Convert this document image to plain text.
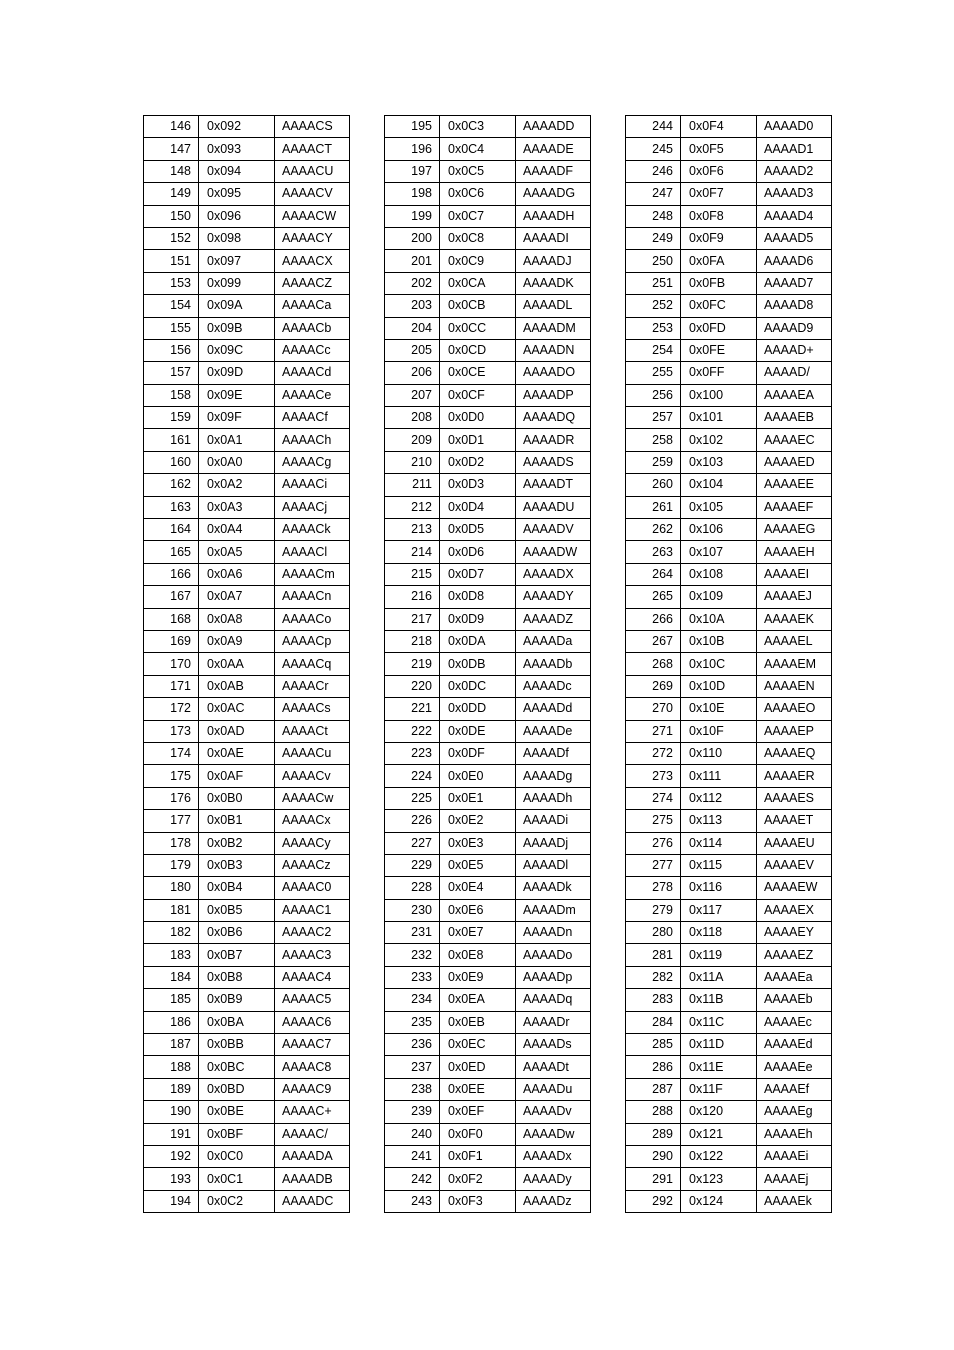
146	0x092	AAAACS
147	0x093	AAAACT
148	0x094	AAAACU
149	0x095	AAAACV
150	0x096	AAAACW
152	0x098	AAAACY
151	0x097	AAAACX
153	0x099	AAAACZ
154	0x09A	AAAACa
155	0x09B	AAAACb
156	0x09C	AAAACc
157	0x09D	AAAACd
158	0x09E	AAAACe
159	0x09F	AAAACf
161	0x0A1	AAAACh
160	0x0A0	AAAACg
162	0x0A2	AAAACi
163	0x0A3	AAAACj
164	0x0A4	AAAACk
165	0x0A5	AAAACl
166	0x0A6	AAAACm
167	0x0A7	AAAACn
168	0x0A8	AAAACo
169	0x0A9	AAAACp
170	0x0AA	AAAACq
171	0x0AB	AAAACr
172	0x0AC	AAAACs
173	0x0AD	AAAACt
174	0x0AE	AAAACu
175	0x0AF	AAAACv
176	0x0B0	AAAACw
177	0x0B1	AAAACx
178	0x0B2	AAAACy
179	0x0B3	AAAACz
180	0x0B4	AAAAC0
181	0x0B5	AAAAC1
182	0x0B6	AAAAC2
183	0x0B7	AAAAC3
184	0x0B8	AAAAC4
185	0x0B9	AAAAC5
186	0x0BA	AAAAC6
187	0x0BB	AAAAC7
188	0x0BC	AAAAC8
189	0x0BD	AAAAC9
190	0x0BE	AAAAC+
191	0x0BF	AAAAC/
192	0x0C0	AAAADA
193	0x0C1	AAAADB
194	0x0C2	AAAADC
195	0x0C3	AAAADD
196	0x0C4	AAAADE
197	0x0C5	AAAADF
198	0x0C6	AAAADG
199	0x0C7	AAAADH
200	0x0C8	AAAADI
201	0x0C9	AAAADJ
202	0x0CA	AAAADK
203	0x0CB	AAAADL
204	0x0CC	AAAADM
205	0x0CD	AAAADN
206	0x0CE	AAAADO
207	0x0CF	AAAADP
208	0x0D0	AAAADQ
209	0x0D1	AAAADR
210	0x0D2	AAAADS
211	0x0D3	AAAADT
212	0x0D4	AAAADU
213	0x0D5	AAAADV
214	0x0D6	AAAADW
215	0x0D7	AAAADX
216	0x0D8	AAAADY
217	0x0D9	AAAADZ
218	0x0DA	AAAADa
219	0x0DB	AAAADb
220	0x0DC	AAAADc
221	0x0DD	AAAADd
222	0x0DE	AAAADe
223	0x0DF	AAAADf
224	0x0E0	AAAADg
225	0x0E1	AAAADh
226	0x0E2	AAAADi
227	0x0E3	AAAADj
229	0x0E5	AAAADl
228	0x0E4	AAAADk
230	0x0E6	AAAADm
231	0x0E7	AAAADn
232	0x0E8	AAAADo
233	0x0E9	AAAADp
234	0x0EA	AAAADq
235	0x0EB	AAAADr
236	0x0EC	AAAADs
237	0x0ED	AAAADt
238	0x0EE	AAAADu
239	0x0EF	AAAADv
240	0x0F0	AAAADw
241	0x0F1	AAAADx
242	0x0F2	AAAADy
243	0x0F3	AAAADz
244	0x0F4	AAAAD0
245	0x0F5	AAAAD1
246	0x0F6	AAAAD2
247	0x0F7	AAAAD3
248	0x0F8	AAAAD4
249	0x0F9	AAAAD5
250	0x0FA	AAAAD6
251	0x0FB	AAAAD7
252	0x0FC	AAAAD8
253	0x0FD	AAAAD9
254	0x0FE	AAAAD+
255	0x0FF	AAAAD/
256	0x100	AAAAEA
257	0x101	AAAAEB
258	0x102	AAAAEC
259	0x103	AAAAED
260	0x104	AAAAEE
261	0x105	AAAAEF
262	0x106	AAAAEG
263	0x107	AAAAEH
264	0x108	AAAAEI
265	0x109	AAAAEJ
266	0x10A	AAAAEK
267	0x10B	AAAAEL
268	0x10C	AAAAEM
269	0x10D	AAAAEN
270	0x10E	AAAAEO
271	0x10F	AAAAEP
272	0x110	AAAAEQ
273	0x111	AAAAER
274	0x112	AAAAES
275	0x113	AAAAET
276	0x114	AAAAEU
277	0x115	AAAAEV
278	0x116	AAAAEW
279	0x117	AAAAEX
280	0x118	AAAAEY
281	0x119	AAAAEZ
282	0x11A	AAAAEa
283	0x11B	AAAAEb
284	0x11C	AAAAEc
285	0x11D	AAAAEd
286	0x11E	AAAAEe
287	0x11F	AAAAEf
288	0x120	AAAAEg
289	0x121	AAAAEh
290	0x122	AAAAEi
291	0x123	AAAAEj
292	0x124	AAAAEk
